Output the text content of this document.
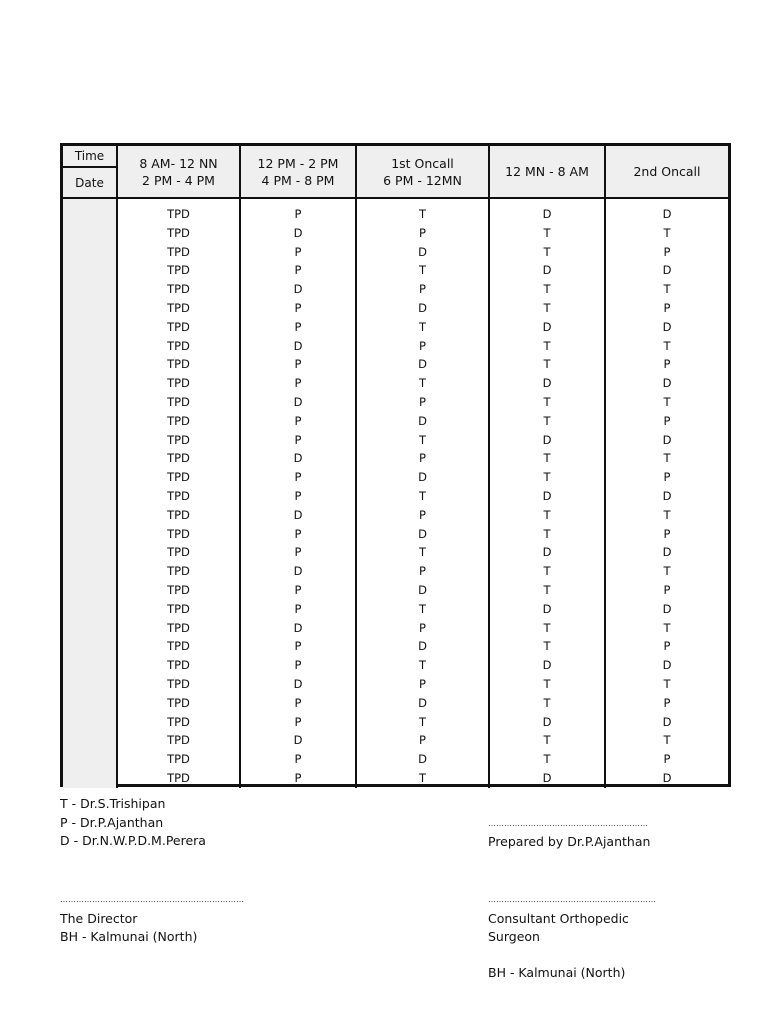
Time
Date
8 AM- 12 NN
2 PM - 4 PM
12 PM - 2 PM
4 PM - 8 PM
1st Oncall
6 PM - 12MN
12 MN - 8 AM	2nd Oncall
TPD
TPD
TPD
TPD
TPD
TPD
TPD
TPD
TPD
TPD
TPD
TPD
TPD
TPD
TPD
TPD
TPD
TPD
TPD
TPD
TPD
TPD
TPD
TPD
TPD
TPD
TPD
TPD
TPD
TPD
TPD
P
D
P
P
D
P
P
D
P
P
D
P
P
D
P
P
D
P
P
D
P
P
D
P
P
D
P
P
D
P
P
T
P
D
T
P
D
T
P
D
T
P
D
T
P
D
T
P
D
T
P
D
T
P
D
T
P
D
T
P
D
T
D
T
T
D
T
T
D
T
T
D
T
T
D
T
T
D
T
T
D
T
T
D
T
T
D
T
T
D
T
T
D
D
T
P
D
T
P
D
T
P
D
T
P
D
T
P
D
T
P
D
T
P
D
T
P
D
T
P
D
T
P
D
T - Dr.S.Trishipan
P - Dr.P.Ajanthan
D - Dr.N.W.P.D.M.Perera
……………………………………………………
Prepared by Dr.P.Ajanthan
……………………………………………………………
The Director
BH - Kalmunai (North)
………………………………………………………
Consultant Orthopedic
Surgeon
BH - Kalmunai (North)
